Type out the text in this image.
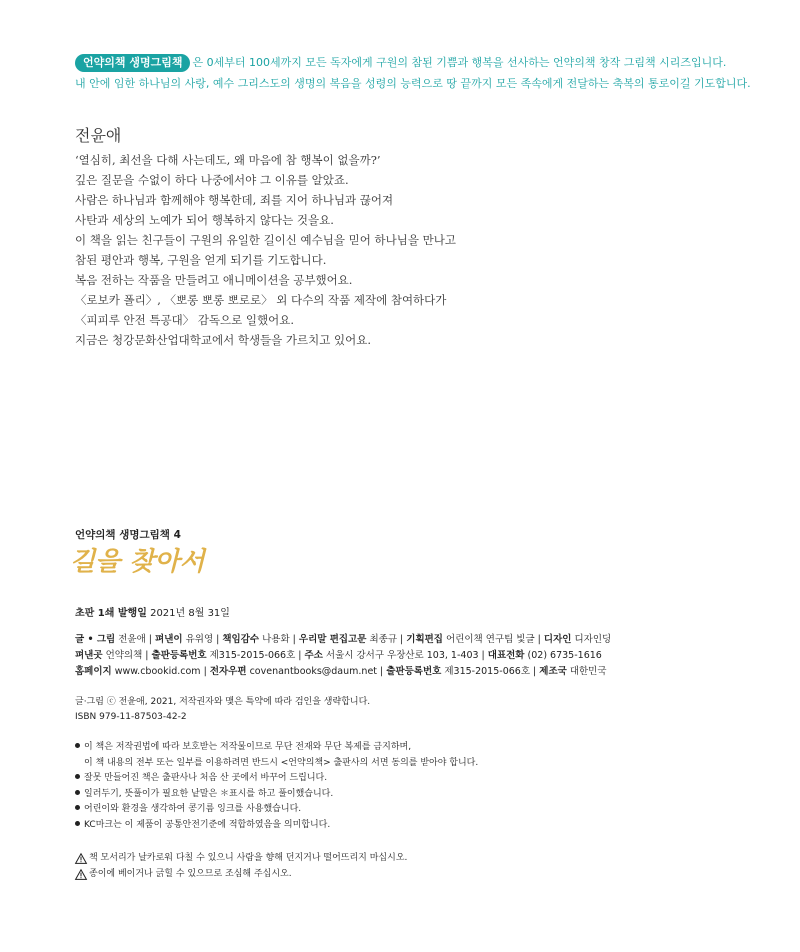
언약의책 생명그림책 은 0세부터 100세까지 모든 독자에게 구원의 참된 기쁨과 행복을 선사하는 언약의책 창작 그림책 시리즈입니다.
내 안에 임한 하나님의 사랑, 예수 그리스도의 생명의 복음을 성령의 능력으로 땅 끝까지 모든 족속에게 전달하는 축복의 통로이길 기도합니다.
전윤애
‘열심히, 최선을 다해 사는데도, 왜 마음에 참 행복이 없을까?’
깊은 질문을 수없이 하다 나중에서야 그 이유를 알았죠.
사람은 하나님과 함께해야 행복한데, 죄를 지어 하나님과 끊어져
사탄과 세상의 노예가 되어 행복하지 않다는 것을요.
이 책을 읽는 친구들이 구원의 유일한 길이신 예수님을 믿어 하나님을 만나고
참된 평안과 행복, 구원을 얻게 되기를 기도합니다.
복음 전하는 작품을 만들려고 애니메이션을 공부했어요.
〈로보카 폴리〉, 〈뽀롱 뽀롱 뽀로로〉 외 다수의 작품 제작에 참여하다가
〈피피루 안전 특공대〉 감독으로 일했어요.
지금은 청강문화산업대학교에서 학생들을 가르치고 있어요.
언약의책 생명그림책 4
길을 찾아서
초판 1쇄 발행일 2021년 8월 31일
글 • 그림 전윤애 | 펴낸이 유위영 | 책임감수 나용화 | 우리말 편집고문 최종규 | 기획편집 어린이책 연구팀 빛글 | 디자인 디자인딩
펴낸곳 언약의책 | 출판등록번호 제315-2015-066호 | 주소 서울시 강서구 우장산로 103, 1-403 | 대표전화 (02) 6735-1616
홈페이지 www.cbookid.com | 전자우편 covenantbooks@daum.net | 출판등록번호 제315-2015-066호 | 제조국 대한민국
글·그림 ⓒ 전윤애, 2021, 저작권자와 맺은 특약에 따라 검인을 생략합니다.
ISBN 979-11-87503-42-2
이 책은 저작권법에 따라 보호받는 저작물이므로 무단 전재와 무단 복제를 금지하며,
이 책 내용의 전부 또는 일부를 이용하려면 반드시 <언약의책> 출판사의 서면 동의를 받아야 합니다.
잘못 만들어진 책은 출판사나 처음 산 곳에서 바꾸어 드립니다.
일러두기, 뜻풀이가 필요한 낱말은 ＊표시를 하고 풀이했습니다.
어린이와 환경을 생각하여 콩기름 잉크를 사용했습니다.
KC마크는 이 제품이 공통안전기준에 적합하였음을 의미합니다.
책 모서리가 날카로워 다칠 수 있으니 사람을 향해 던지거나 떨어뜨리지 마십시오.
종이에 베이거나 긁힐 수 있으므로 조심해 주십시오.
